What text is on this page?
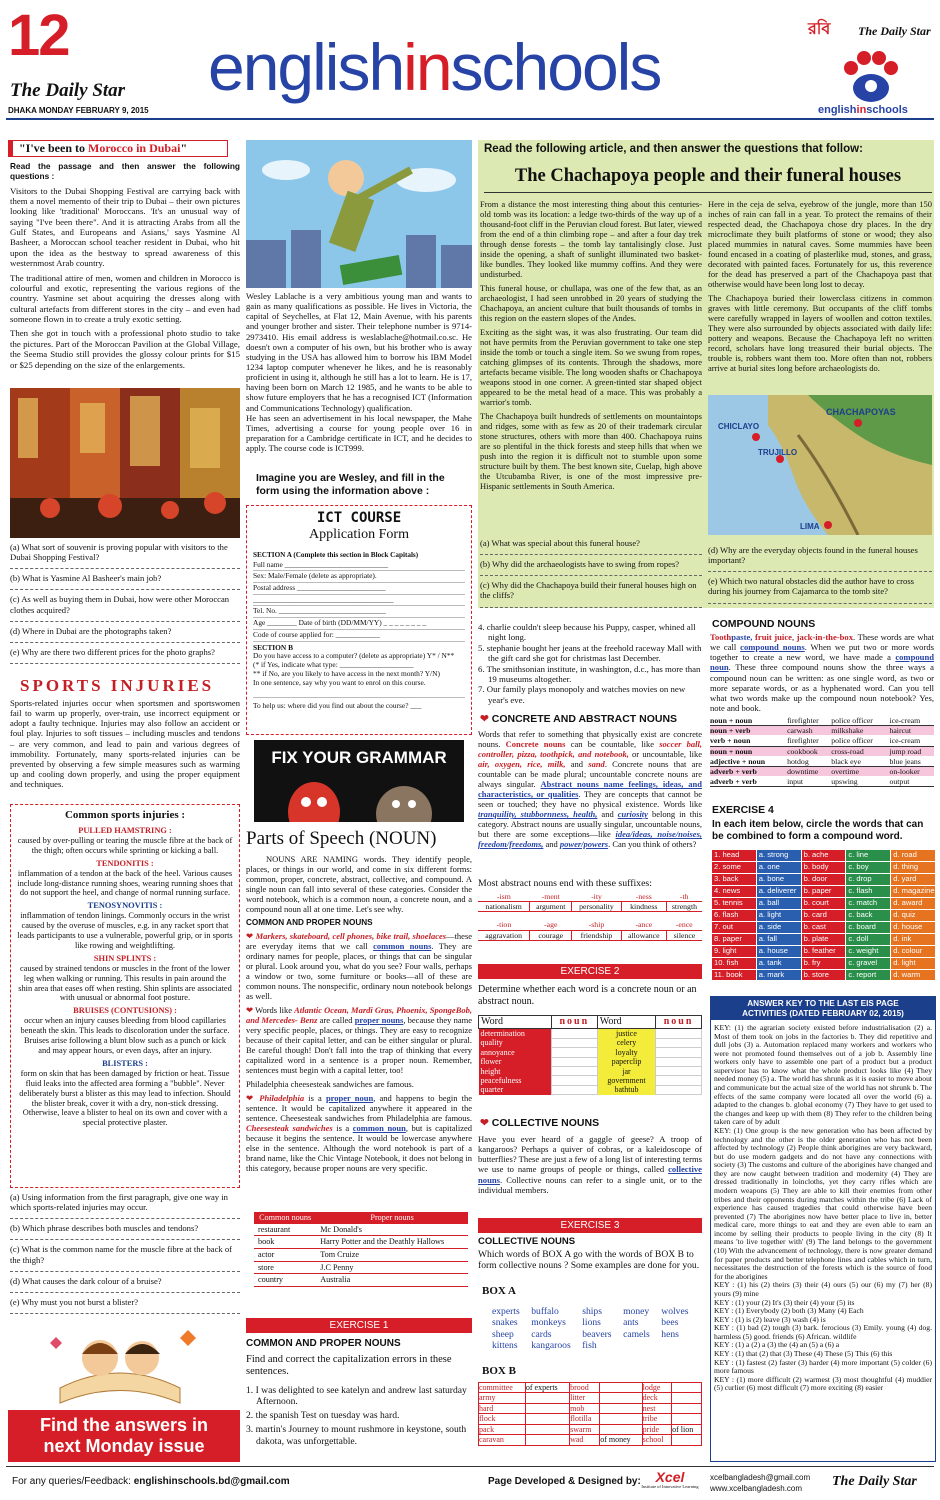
12
The Daily Star
DHAKA MONDAY FEBRUARY 9, 2015
englishinschools
রবি The Daily Star
englishinschools
"I've been to Morocco in Dubai"

Read the passage and then answer the following questions :

Visitors to the Dubai Shopping Festival are carrying back with them a novel memento of their trip to Dubai – their own pictures looking like 'traditional' Moroccans. 'It's an unusual way of saying "I've been there". And it is attracting Arabs from all the Gulf States, and Europeans and Asians,' says Yasmine Al Basheer, a Moroccan school teacher resident in Dubai, who hit upon the idea as the bestway to spread awareness of this westernmost Arab country.

The traditional attire of men, women and children in Morocco is colourful and exotic, representing the various regions of the country. Yasmine set about acquiring the dresses along with cultural artefacts from different stores in the city – and even had someone flown in to create a truly exotic setting.

Then she got in touch with a professional photo studio to take the pictures. Part of the Moroccan Pavilion at the Global Village, the Seema Studio still provides the glossy colour prints for $15 or $25 depending on the size of the enlargements.

(a) What sort of souvenir is proving popular with visitors to the Dubai Shopping Festival?
(b) What is Yasmine Al Basheer's main job?
(c) As well as buying them in Dubai, how were other Moroccan clothes acquired?
(d) Where in Dubai are the photographs taken?
(e) Why are there two different prices for the photo graphs?
SPORTS INJURIES
Sports-related injuries occur when sportsmen and sportswomen fail to warm up properly, over-train, use incorrect equipment or adopt a faulty technique. Injuries may also follow an accident or foul play. Injuries to soft tissues – including muscles and tendons – are very common, and lead to pain and various degrees of immobility. Fortunately, many sports-related injuries can be prevented by observing a few simple measures such as warming up and cooling down properly, and using the proper equipment and techniques.
Common sports injuries :
PULLED HAMSTRING :
caused by over-pulling or tearing the muscle fibre at the back of the thigh; often occurs while sprinting or kicking a ball.
TENDONITIS :
inflammation of a tendon at the back of the heel. Various causes include long-distance running shoes, wearing running shoes that do not support the heel, and change of normal running surface.
TENOSYNOVITIS :
inflammation of tendon linings. Commonly occurs in the wrist caused by the overuse of muscles, e.g. in any racket sport that leads participants to use a vulnerable, powerful grip, or in sports like rowing and weightlifting.
SHIN SPLINTS :
caused by strained tendons or muscles in the front of the lower leg when walking or running. This results in pain around the shin area that eases off when resting. Shin splints are associated with unusual or abnormal foot posture.
BRUISES (CONTUSIONS) :
occur when an injury causes bleeding from blood capillaries beneath the skin. This leads to discoloration under the surface. Bruises arise following a blunt blow such as a punch or kick and may appear hours, or even days, after an injury.
BLISTERS :
form on skin that has been damaged by friction or heat. Tissue fluid leaks into the affected area forming a "bubble". Never deliberately burst a blister as this may lead to infection. Should the blister break, cover it with a dry, non-stick dressing. Otherwise, leave a blister to heal on its own and cover with a special protective plaster.
(a) Using information from the first paragraph, give one way in which sports-related injuries may occur.
(b) Which phrase describes both muscles and tendons?
(c) What is the common name for the muscle fibre at the back of the thigh?
(d) What causes the dark colour of a bruise?
(e) Why must you not burst a blister?
Find the answers in
next Monday issue

Wesley Lablache is a very ambitious young man and wants to gain as many qualifications as possible. He lives in Victoria, the capital of Seychelles, at Flat 12, Main Avenue, with his parents and younger brother and sister. Their telephone number is 9714-2973410. His email address is weslablache@hotmail.co.sc. He doesn't own a computer of his own, but his brother who is away studying in the USA has allowed him to borrow his IBM Model 1234 laptop computer whenever he likes, and he is reasonably proficient in using it, although he still has a lot to learn. He is 17, having been born on March 12 1985, and he wants to be able to show future employers that he has a recognised ICT (Information and Communications Technology) qualification.

He has seen an advertisement in his local newspaper, the Mahe Times, advertising a course for young people over 16 in preparation for a Cambridge certificate in ICT, and he decides to apply. The course code is ICT999.

Imagine you are Wesley, and fill in the form using the information above :
ICT COURSE
Application Form
SECTION A (Complete this section in Block Capitals)
Full name ____________________________
Sex: Male/Female (delete as appropriate).
Postal address ________________________
______________________________________
Tel. No. _____________________________
Age ________ Date of birth (DD/MM/YY) _ _ _ _ _ _ _ _
Code of course applied for: ____________
SECTION B
Do you have access to a computer? (delete as appropriate) Y* / N**
(* if Yes, indicate what type: ____________________
** if No, are you likely to have access in the next month? Y/N)
In one sentence, say why you want to enrol on this course.
To help us: where did you find out about the course? ___
FIX YOUR GRAMMAR
Parts of Speech (NOUN)

NOUNS ARE NAMING words. They identify people, places, or things in our world, and come in six different forms: common, proper, concrete, abstract, collective, and compound. A single noun can fall into several of these categories. Consider the word notebook, which is a common noun, a concrete noun, and a compound noun all at one time. Let's see why.

COMMON AND PROPER NOUNS

❤ Markers, skateboard, cell phones, bike trail, shoelaces—these are everyday items that we call common nouns. They are ordinary names for people, places, or things that can be singular or plural. Look around you, what do you see? Four walls, perhaps a window or two, some furniture or books—all of these are common nouns. The nonspecific, ordinary noun notebook belongs as well.

❤ Words like Atlantic Ocean, Mardi Gras, Phoenix, SpongeBob, and Mercedes- Benz are called proper nouns, because they name very specific people, places, or things. They are easy to recognize because of their capital letter, and can be either singular or plural. Be careful though! Don't fall into the trap of thinking that every capitalized word in a sentence is a proper noun. Remember, sentences must begin with a capital letter, too!

Philadelphia cheesesteak sandwiches are famous.

❤ Philadelphia is a proper noun, and happens to begin the sentence. It would be capitalized anywhere it appeared in the sentence. Cheesesteak sandwiches from Philadelphia are famous. Cheesesteak sandwiches is a common noun, but is capitalized because it begins the sentence. It would be lowercase anywhere else in the sentence. Although the word notebook is part of a brand name, like the Chic Vintage Notebook, it does not belong in this category, because proper nouns are very specific.

Common nouns	Proper nouns
restaurant	Mc Donald's
book	Harry Potter and the Deathly Hallows
actor	Tom Cruize
store	J.C Penny
country	Australia
EXERCISE 1
COMMON AND PROPER NOUNS
Find and correct the capitalization errors in these sentences.
1. I was delighted to see katelyn and andrew last saturday Afternoon.
2. the spanish Test on tuesday was hard.
3. martin's Journey to mount rushmore in keystone, south dakota, was unforgettable.
Read the following article, and then answer the questions that follow:
The Chachapoya people and their funeral houses

From a distance the most interesting thing about this centuries-old tomb was its location: a ledge two-thirds of the way up of a thousand-foot cliff in the Peruvian cloud forest. But later, viewed from the end of a thin climbing rope – and after a four day trek through dense forests – the tomb lay tantalisingly close. Just inside the opening, a shaft of sunlight illuminated two basket-like bundles. They looked like mummy coffins. And they were undisturbed.

This funeral house, or chullapa, was one of the few that, as an archaeologist, I had seen unrobbed in 20 years of studying the Chachapoya, an ancient culture that built thousands of tombs in this region on the eastern slopes of the Andes.

Exciting as the sight was, it was also frustrating. Our team did not have permits from the Peruvian government to take one step inside the tomb or touch a single item. So we swung from ropes, catching glimpses of its contents. Through the shadows, more artefacts became visible. The long wooden shafts or Chachapoya weapons stood in one corner. A green-tinted star shaped object appeared to be the metal head of a mace. This was probably a warrior's tomb.

The Chachapoya built hundreds of settlements on mountaintops and ridges, some with as few as 20 of their trademark circular stone structures, others with more than 400. Chachapoya ruins are so plentiful in the thick forests and steep hills that when we push into the region it is difficult not to stumble upon some structure built by them. The best known site, Cuelap, high above the Utcubamba River, is one of the most impressive pre-Hispanic settlements in South America.

Here in the ceja de selva, eyebrow of the jungle, more than 150 inches of rain can fall in a year. To protect the remains of their respected dead, the Chachapoya chose dry places. In the dry microclimate they built platforms of stone or wood; they also placed mummies in natural caves. Some mummies have been found encased in a coating of plasterlike mud, stones, and grass, decorated with painted faces. Fortunately for us, this reverence for the dead has preserved a part of the Chachapoya past that otherwise would have been long lost to decay.

The Chachapoya buried their lowerclass citizens in common graves with little ceremony. But occupants of the cliff tombs were carefully wrapped in layers of woollen and cotton textiles. They were also surrounded by objects associated with daily life: pottery and weapons. Because the Chachapoya left no written record, scholars have long treasured their burial objects. The trouble is, robbers want them too. More often than not, robbers arrive at burial sites long before archaeologists do.

CHACHAPOYAS
CHICLAYO
TRUJILLO
LIMA
(a) What was special about this funeral house?
(b) Why did the archaeologists have to swing from ropes?
(c) Why did the Chachapoya build their funeral houses high on the cliffs?
(d) Why are the everyday objects found in the funeral houses important?
(e) Which two natural obstacles did the author have to cross during his journey from Cajamarca to the tomb site?
4. charlie couldn't sleep because his Puppy, casper, whined all night long.
5. stephanie bought her jeans at the freehold raceway Mall with the gift card she got for christmas last December.
6. The smithsonian institute, in washington, d.c., has more than 19 museums altogether.
7. Our family plays monopoly and watches movies on new year's eve.
❤ CONCRETE AND ABSTRACT NOUNS

Words that refer to something that physically exist are concrete nouns. Concrete nouns can be countable, like soccer ball, controller, pizza, toothpick, and notebook, or uncountable, like air, oxygen, rice, milk, and sand. Concrete nouns that are countable can be made plural; uncountable concrete nouns are always singular. Abstract nouns name feelings, ideas, and characteristics, or qualities. They are concepts that cannot be seen or touched; they have no physical existence. Words like tranquility, stubbornness, health, and curiosity belong in this category. Abstract nouns are usually singular, uncountable nouns, but there are some exceptions—like idea/ideas, noise/noises, freedom/freedoms, and power/powers. Can you think of others?

Most abstract nouns end with these suffixes:
-ism	-ment	-ity	-ness	-th
nationalism	argument	personality	kindness	strength
-tion	-age	-ship	-ance	-ence
aggravation	courage	friendship	allowance	silence
EXERCISE 2
Determine whether each word is a concrete noun or an abstract noun.
Word	noun	Word	noun
determination		justice	
quality		celery	
annoyance		loyalty	
flower		paperclip	
height		jar	
peacefulness		government	
quarter		bathtub	
❤ COLLECTIVE NOUNS

Have you ever heard of a gaggle of geese? A troop of kangaroos? Perhaps a quiver of cobras, or a kaleidoscope of butterflies? These are just a few of a long list of interesting terms we use to name groups of people or things, called collective nouns. Collective nouns can refer to a single unit, or to the individual members.

EXERCISE 3
COLLECTIVE NOUNS
Which words of BOX A go with the words of BOX B to form collective nouns ? Some examples are done for you.
BOX A
experts	buffalo	ships	money	wolves
snakes	monkeys	lions	ants	bees
sheep	cards	beavers	camels	hens
kittens	kangaroos	fish
BOX B
committee	of experts	brood		lodge	
army		litter		deck	
hard		mob		nest	
flock		flotilla		tribe	
pack		swarm		pride	of lion
caravan		wad	of money	school	
COMPOUND NOUNS

Toothpaste, fruit juice, jack-in-the-box. These words are what we call compound nouns. When we put two or more words together to create a new word, we have made a compound noun. These three compound nouns show the three ways a compound noun can be written: as one single word, as two or more separate words, or as a hyphenated word. Can you tell what two words make up the compound noun notebook? Yes, note and book.

noun + noun	firefighter	police officer	ice-cream
noun + verb	carwash	milkshake	haircut
verb + noun	firefighter	police officer	ice-cream
noun + noun	cookbook	cross-road	jump road
adjective + noun	hotdog	black eye	blue jeans
adverb + verb	downtime	overtime	on-looker
adverb + verb	input	upswing	output
EXERCISE 4
In each item below, circle the words that can be combined to form a compound word.
1. head	a. strong	b. ache	c. line	d. road
2. some	a. one	b. body	c. boy	d. thing
3. back	a. bone	b. door	c. drop	d. yard
4. news	a. deliverer b. paper	c. flash	d. magazine
5. tennis	a. ball	b. court	c. match	d. award
6. flash	a. light	b. card	c. back	d. quiz
7. out	a. side	b. cast	c. board	d. house
8. paper	a. fall	b. plate	c. doll	d. ink
9. light	a. house	b. feather	c. weight	d. colour
10. fish	a. tank	b. fry	c. gravel	d. light
11. book	a. mark	b. store	c. report	d. warm
ANSWER KEY TO THE LAST EIS PAGE
ACTIVITIES (DATED FEBRUARY 02, 2015)
KEY: (1) the agrarian society existed before industrialisation (2) a. Most of them took on jobs in the factories b. They did repetitive and dull jobs (3) a. Automation replaced many workers and workers who were not promoted found themselves out of a job b. Assembly line workers only have to assemble one part of a product but a product supervisor has to know what the whole product looks like (4) They needed money (5) a. The world has shrunk as it is easier to move about and communicate but the actual size of the world has not shrunk b. The effects of the same company were located all over the world (6) a. adapted to the changes b. global economy (7) They have to get used to the changes and keep up with them (8) They refer to the children being taken care of by adult
KEY: (1) One group is the new generation who has been affected by technology and the other is the older generation who has not been affected by technology (2) People think aborigines are very backward, but do use modern gadgets and do not have any connections with society (3) The customs and culture of the aborigines have changed and they are now caught between tradition and modernity (4) They are dressed traditionally in loincloths, yet they carry rifles which are modern weapons (5) They are able to kill their enemies from other tribes and their opponents during matches within the tribe (6) Lack of experience has caused tragedies that could otherwise have been prevented (7) The aborigines now have better place to live in, better medical care, more things to eat and they are even able to earn an income by selling their products to people living in the city (8) It means 'to live together with' (9) The land belongs to the government (10) With the advancement of technology, there is now greater demand for paper products and better telephone lines and cables which in turn, necessitates the destruction of the forests which is the source of food for the aborigines
KEY : (1) his (2) theirs (3) their (4) ours (5) our (6) my (7) her (8) yours (9) mine
KEY : (1) your (2) It's (3) their (4) your (5) its
KEY : (1) Everybody (2) both (3) Many (4) Each
KEY : (1) is (2) leave (3) wash (4) is
KEY : (1) bad (2) tough (3) bark. ferocious (3) Emily. young (4) dog. harmless (5) good. friends (6) African. wildlife
KEY : (1) a (2) a (3) the (4) an (5) a (6) a
KEY : (1) that (2) that (3) These (4) These (5) This (6) this
KEY : (1) fastest (2) faster (3) harder (4) more important (5) colder (6) more famous
KEY : (1) more difficult (2) warmest (3) most thoughtful (4) muddier (5) curlier (6) most difficult (7) more exciting (8) easier
For any queries/Feedback: englishinschools.bd@gmail.com	Page Developed & Designed by:	Xcel
Institute of Innovative Learning
xcelbangladesh@gmail.com
www.xcelbangladesh.com	The Daily Star
